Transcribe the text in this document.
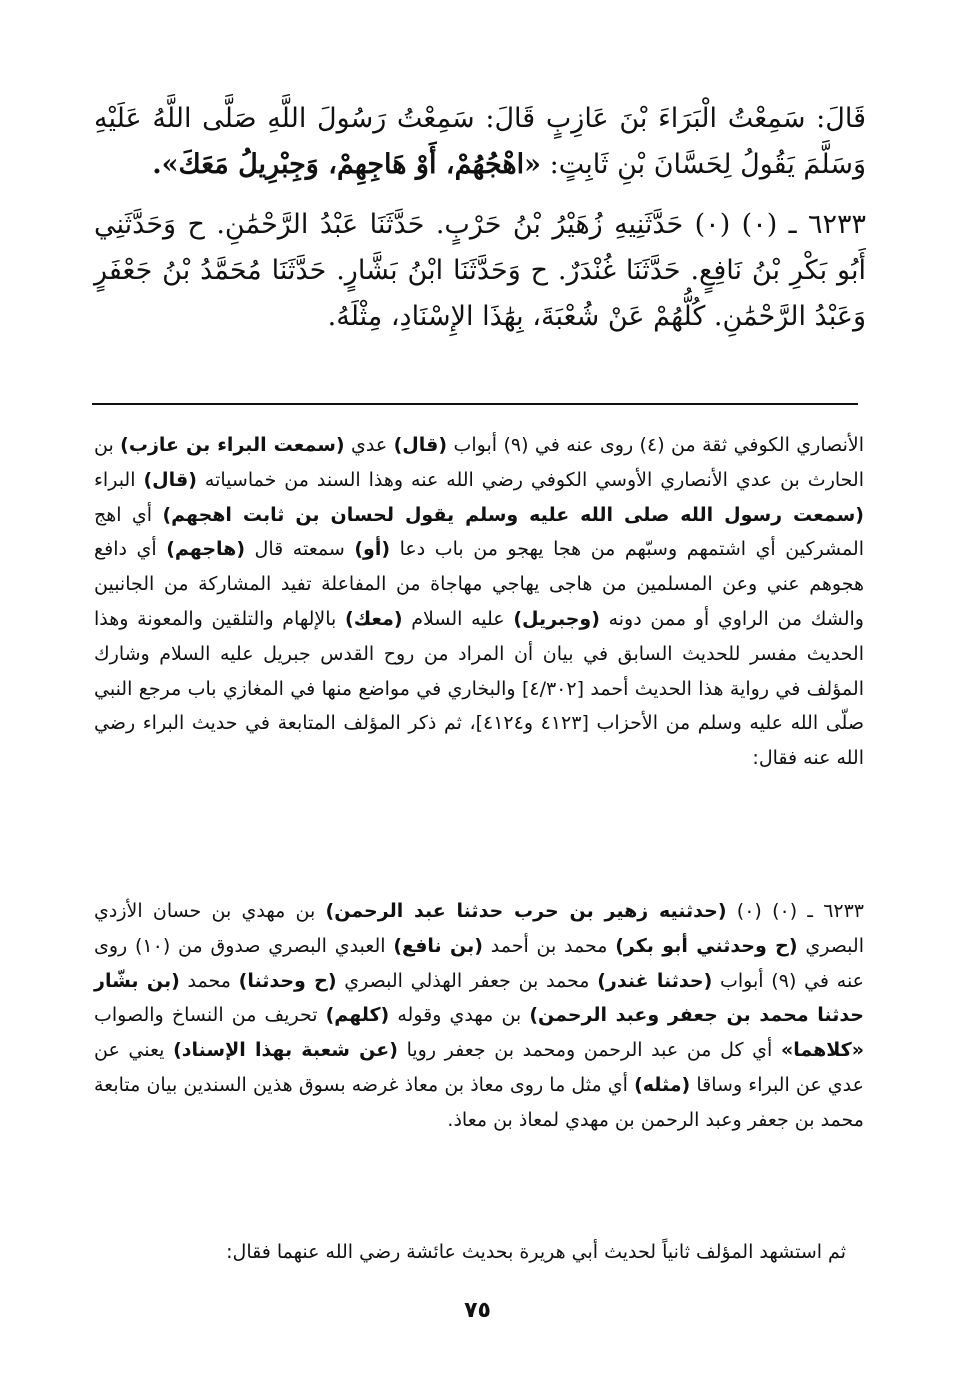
قَالَ: سَمِعْتُ الْبَرَاءَ بْنَ عَازِبٍ قَالَ: سَمِعْتُ رَسُولَ اللَّهِ صَلَّى اللَّهُ عَلَيْهِ وَسَلَّمَ يَقُولُ لِحَسَّانَ بْنِ ثَابِتٍ: «اهْجُهُمْ، أَوْ هَاجِهِمْ، وَجِبْرِيلُ مَعَكَ».

٦٢٣٣ ـ (٠) (٠) حَدَّثَنِيهِ زُهَيْرُ بْنُ حَرْبٍ. حَدَّثَنَا عَبْدُ الرَّحْمَٰنِ. ح وَحَدَّثَنِي أَبُو بَكْرِ بْنُ نَافِعٍ. حَدَّثَنَا غُنْدَرٌ. ح وَحَدَّثَنَا ابْنُ بَشَّارٍ. حَدَّثَنَا مُحَمَّدُ بْنُ جَعْفَرٍ وَعَبْدُ الرَّحْمَٰنِ. كُلُّهُمْ عَنْ شُعْبَةَ، بِهَٰذَا الإِسْنَادِ، مِثْلَهُ.

الأنصاري الكوفي ثقة من (٤) روى عنه في (٩) أبواب (قال) عدي (سمعت البراء بن عازب) بن الحارث بن عدي الأنصاري الأوسي الكوفي رضي الله عنه وهذا السند من خماسياته (قال) البراء (سمعت رسول الله صلى الله عليه وسلم يقول لحسان بن ثابت اهجهم) أي اهج المشركين أي اشتمهم وسبّهم من هجا يهجو من باب دعا (أو) سمعته قال (هاجهم) أي دافع هجوهم عني وعن المسلمين من هاجى يهاجي مهاجاة من المفاعلة تفيد المشاركة من الجانبين والشك من الراوي أو ممن دونه (وجبريل) عليه السلام (معك) بالإلهام والتلقين والمعونة وهذا الحديث مفسر للحديث السابق في بيان أن المراد من روح القدس جبريل عليه السلام وشارك المؤلف في رواية هذا الحديث أحمد [٤/٣٠٢] والبخاري في مواضع منها في المغازي باب مرجع النبي صلّى الله عليه وسلم من الأحزاب [٤١٢٣ و٤١٢٤]، ثم ذكر المؤلف المتابعة في حديث البراء رضي الله عنه فقال:

٦٢٣٣ ـ (٠) (٠) (حدثنيه زهير بن حرب حدثنا عبد الرحمن) بن مهدي بن حسان الأزدي البصري (ح وحدثني أبو بكر) محمد بن أحمد (بن نافع) العبدي البصري صدوق من (١٠) روى عنه في (٩) أبواب (حدثنا غندر) محمد بن جعفر الهذلي البصري (ح وحدثنا) محمد (بن بشّار حدثنا محمد بن جعفر وعبد الرحمن) بن مهدي وقوله (كلهم) تحريف من النساخ والصواب «كلاهما» أي كل من عبد الرحمن ومحمد بن جعفر رويا (عن شعبة بهذا الإسناد) يعني عن عدي عن البراء وساقا (مثله) أي مثل ما روى معاذ بن معاذ غرضه بسوق هذين السندين بيان متابعة محمد بن جعفر وعبد الرحمن بن مهدي لمعاذ بن معاذ.

ثم استشهد المؤلف ثانياً لحديث أبي هريرة بحديث عائشة رضي الله عنهما فقال:

٧٥
